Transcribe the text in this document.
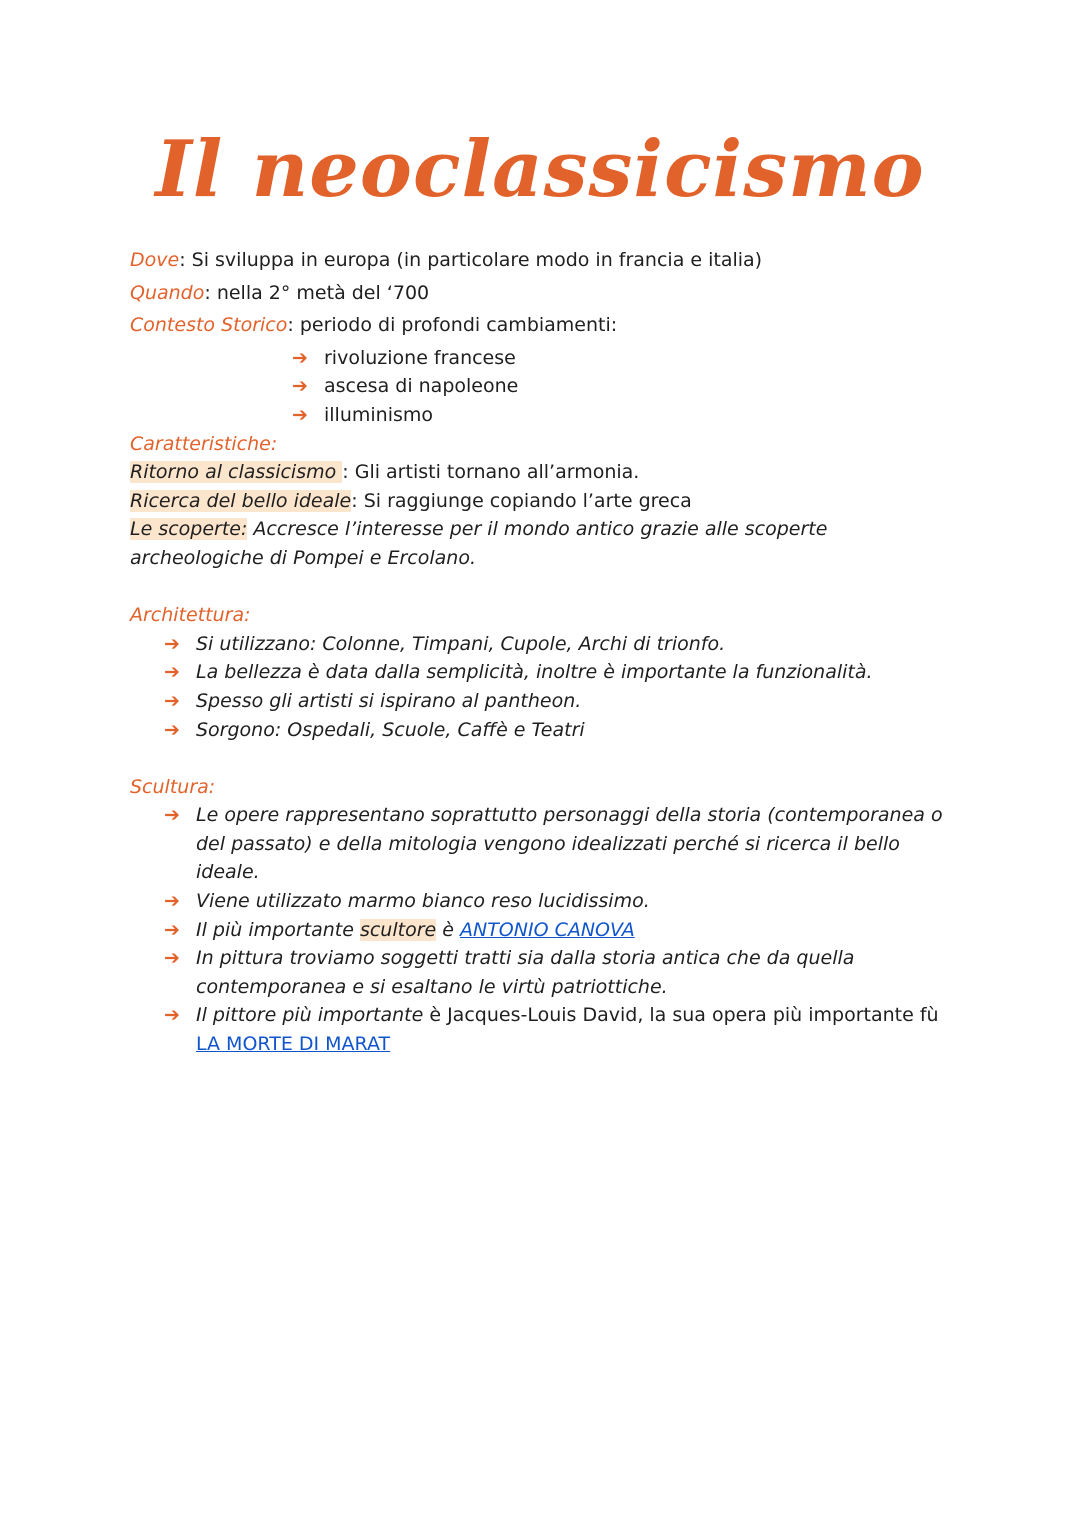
Il neoclassicismo

Dove: Si sviluppa in europa (in particolare modo in francia e italia)

Quando: nella 2° metà del ‘700

Contesto Storico: periodo di profondi cambiamenti:

➔ rivoluzione francese
➔ ascesa di napoleone
➔ illuminismo

Caratteristiche:

Ritorno al classicismo : Gli artisti tornano all’armonia.

Ricerca del bello ideale: Si raggiunge copiando l’arte greca

Le scoperte: Accresce l’interesse per il mondo antico grazie alle scoperte archeologiche di Pompei e Ercolano.

Architettura:

➔ Si utilizzano: Colonne, Timpani, Cupole, Archi di trionfo.
➔ La bellezza è data dalla semplicità, inoltre è importante la funzionalità.
➔ Spesso gli artisti si ispirano al pantheon.
➔ Sorgono: Ospedali, Scuole, Caffè e Teatri

Scultura:

➔ Le opere rappresentano soprattutto personaggi della storia (contemporanea o del passato) e della mitologia vengono idealizzati perché si ricerca il bello ideale.
➔ Viene utilizzato marmo bianco reso lucidissimo.
➔ Il più importante scultore è ANTONIO CANOVA
➔ In pittura troviamo soggetti tratti sia dalla storia antica che da quella contemporanea e si esaltano le virtù patriottiche.
➔ Il pittore più importante è Jacques-Louis David, la sua opera più importante fù LA MORTE DI MARAT
